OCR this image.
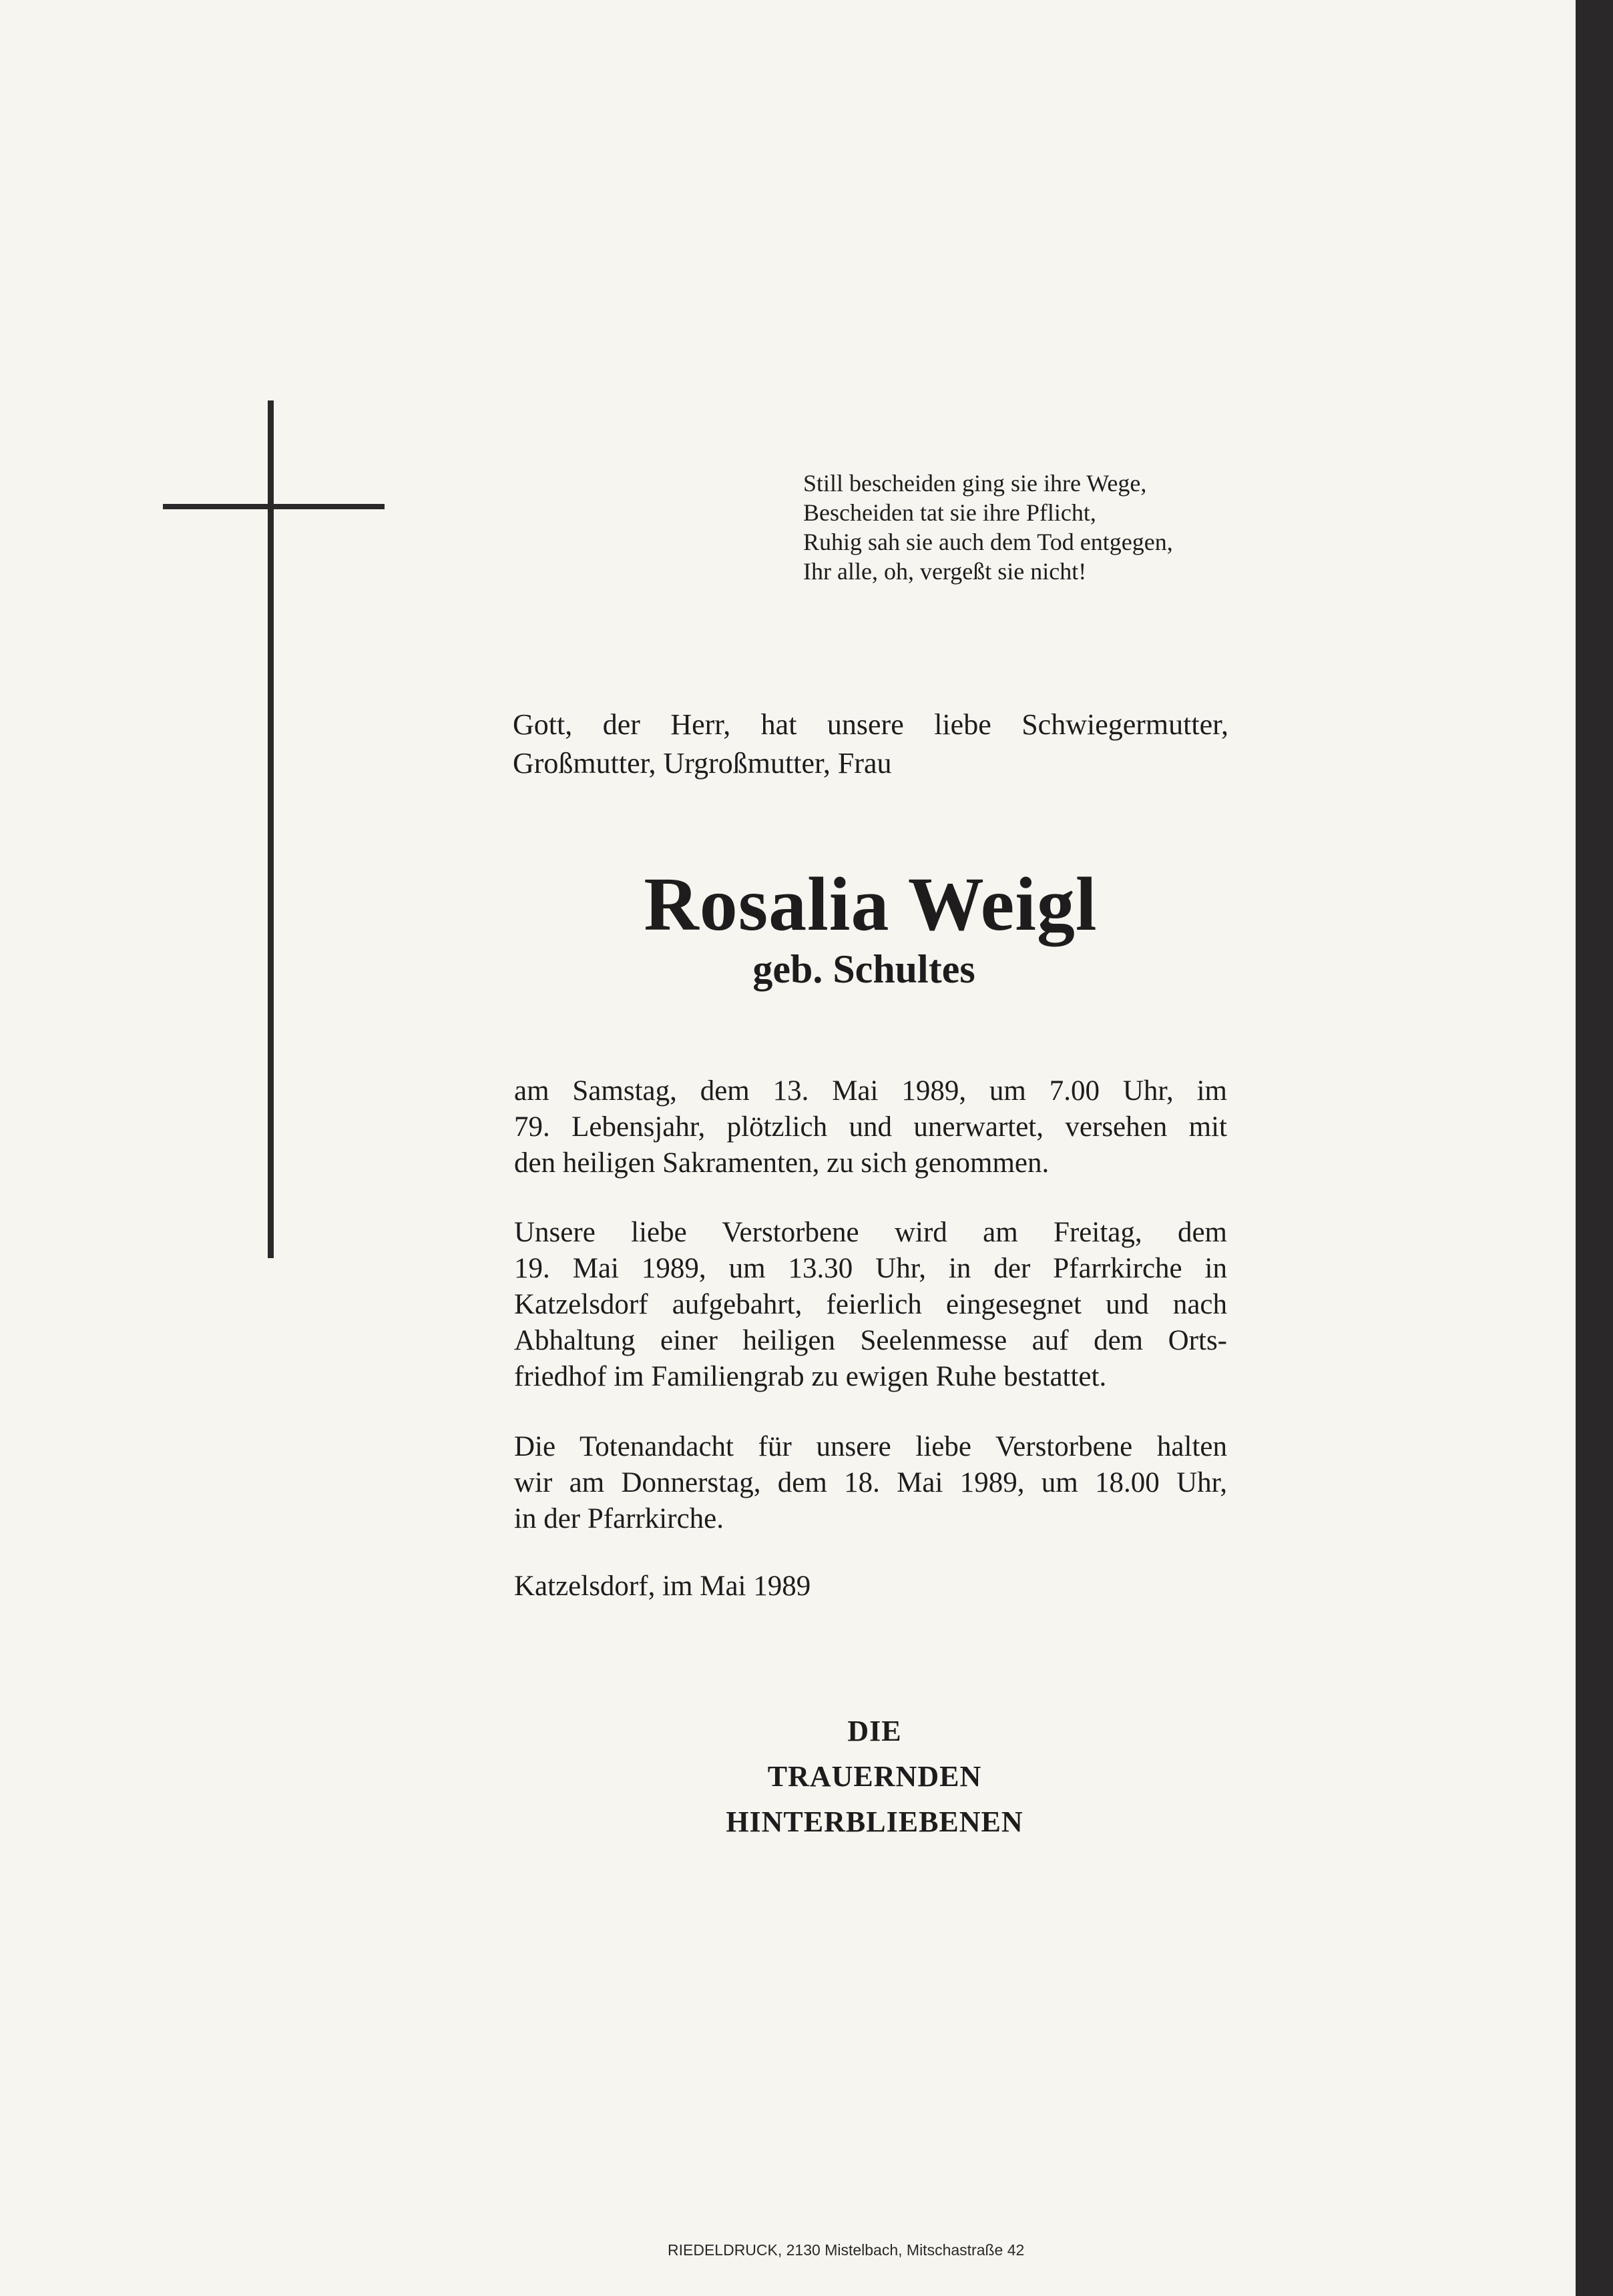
Still bescheiden ging sie ihre Wege,
Bescheiden tat sie ihre Pflicht,
Ruhig sah sie auch dem Tod entgegen,
Ihr alle, oh, vergeßt sie nicht!
Gott, der Herr, hat unsere liebe Schwiegermutter,
Großmutter, Urgroßmutter, Frau
Rosalia Weigl
geb. Schultes
am Samstag, dem 13. Mai 1989, um 7.00 Uhr, im
79. Lebensjahr, plötzlich und unerwartet, versehen mit
den heiligen Sakramenten, zu sich genommen.
Unsere liebe Verstorbene wird am Freitag, dem
19. Mai 1989, um 13.30 Uhr, in der Pfarrkirche in
Katzelsdorf aufgebahrt, feierlich eingesegnet und nach
Abhaltung einer heiligen Seelenmesse auf dem Orts-
friedhof im Familiengrab zu ewigen Ruhe bestattet.
Die Totenandacht für unsere liebe Verstorbene halten
wir am Donnerstag, dem 18. Mai 1989, um 18.00 Uhr,
in der Pfarrkirche.
Katzelsdorf, im Mai 1989
DIE
TRAUERNDEN
HINTERBLIEBENEN
RIEDELDRUCK, 2130 Mistelbach, Mitschastraße 42
